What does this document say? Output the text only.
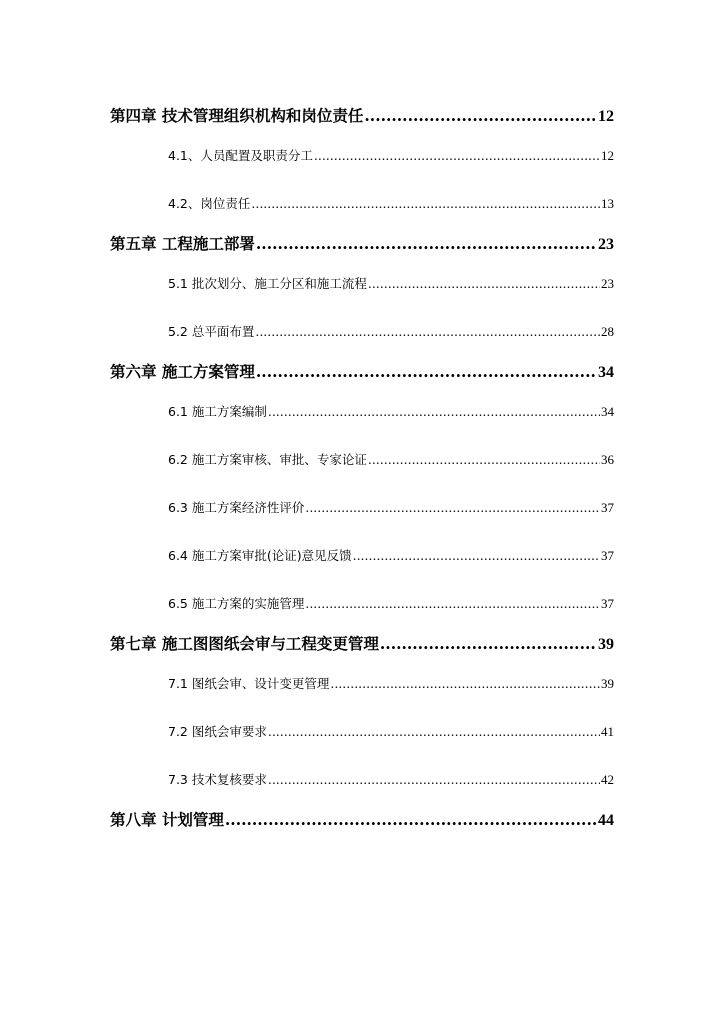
第四章 技术管理组织机构和岗位责任 .....	12
4.1、人员配置及职责分工 .....	12
4.2、岗位责任 .....	13
第五章 工程施工部署 .....	23
5.1 批次划分、施工分区和施工流程 .....	23
5.2 总平面布置 .....	28
第六章 施工方案管理 .....	34
6.1 施工方案编制 .....	34
6.2 施工方案审核、审批、专家论证 .....	36
6.3 施工方案经济性评价 .....	37
6.4 施工方案审批(论证)意见反馈 .....	37
6.5 施工方案的实施管理 .....	37
第七章 施工图图纸会审与工程变更管理 .....	39
7.1 图纸会审、设计变更管理 .....	39
7.2 图纸会审要求 .....	41
7.3 技术复核要求 .....	42
第八章 计划管理 .....	44
